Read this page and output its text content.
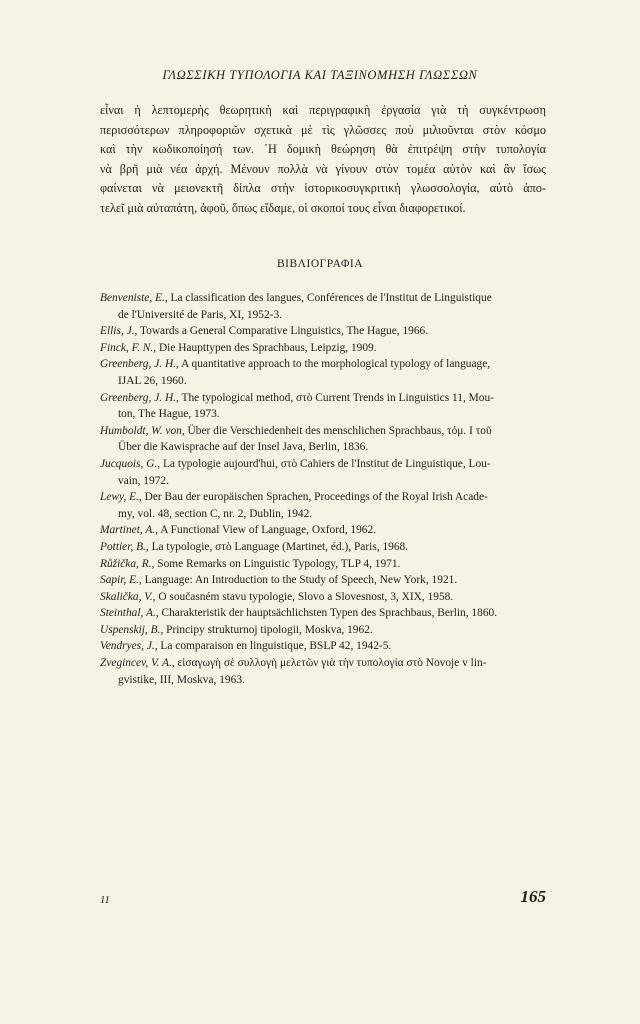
ΓΛΩΣΣΙΚΗ ΤΥΠΟΛΟΓΙΑ ΚΑΙ ΤΑΞΙΝΟΜΗΣΗ ΓΛΩΣΣΩΝ
εἶναι ἡ λεπτομερὴς θεωρητικὴ καὶ περιγραφικὴ ἐργασία γιὰ τὴ συγκέντρωση
περισσότερων πληροφοριῶν σχετικὰ μὲ τὶς γλῶσσες ποὺ μιλιοῦνται στὸν κόσμο
καὶ τὴν κωδικοποίησή των. ῾Η δομικὴ θεώρηση θὰ ἐπιτρέψη στὴν τυπολογία
νὰ βρῆ μιὰ νέα ἀρχή. Μένουν πολλὰ νὰ γίνουν στὸν τομέα αὐτὸν καὶ ἂν ἴσως
φαίνεται νὰ μειονεκτῆ δίπλα στὴν ἱστορικοσυγκριτικὴ γλωσσολογία, αὐτὸ ἀπο-
τελεῖ μιὰ αὐταπάτη, ἀφοῦ, ὅπως εἴδαμε, οἱ σκοποί τους εἶναι διαφορετικοί.
ΒΙΒΛΙΟΓΡΑΦΙΑ
Benveniste, E., La classification des langues, Conférences de l'Institut de Linguistique
de l'Université de Paris, XI, 1952-3.
Ellis, J., Towards a General Comparative Linguistics, The Hague, 1966.
Finck, F. N., Die Haupttypen des Sprachbaus, Leipzig, 1909.
Greenberg, J. H., A quantitative approach to the morphological typology of language,
IJAL 26, 1960.
Greenberg, J. H., The typological method, στὸ Current Trends in Linguistics 11, Mou-
ton, The Hague, 1973.
Humboldt, W. von, Über die Verschiedenheit des menschlichen Sprachbaus, τόμ. I τοῦ
Über die Kawisprache auf der Insel Java, Berlin, 1836.
Jucquois, G., La typologie aujourd'hui, στὸ Cahiers de l'Institut de Linguistique, Lou-
vain, 1972.
Lewy, E., Der Bau der europäischen Sprachen, Proceedings of the Royal Irish Acade-
my, vol. 48, section C, nr. 2, Dublin, 1942.
Martinet, A., A Functional View of Language, Oxford, 1962.
Pottier, B., La typologie, στὸ Language (Martinet, éd.), Paris, 1968.
Růžička, R., Some Remarks on Linguistic Typology, TLP 4, 1971.
Sapir, E., Language: An Introduction to the Study of Speech, New York, 1921.
Skalička, V., O současném stavu typologie, Slovo a Slovesnost, 3, XIX, 1958.
Steinthal, A., Charakteristik der hauptsächlichsten Typen des Sprachbaus, Berlin, 1860.
Uspenskij, B., Principy strukturnoj tipologii, Moskva, 1962.
Vendryes, J., La comparaison en linguistique, BSLP 42, 1942-5.
Zvegincev, V. A., εἰσαγωγὴ σὲ συλλογὴ μελετῶν γιὰ τὴν τυπολογία στὸ Novoje v lin-
gvistike, III, Moskva, 1963.
11	165
